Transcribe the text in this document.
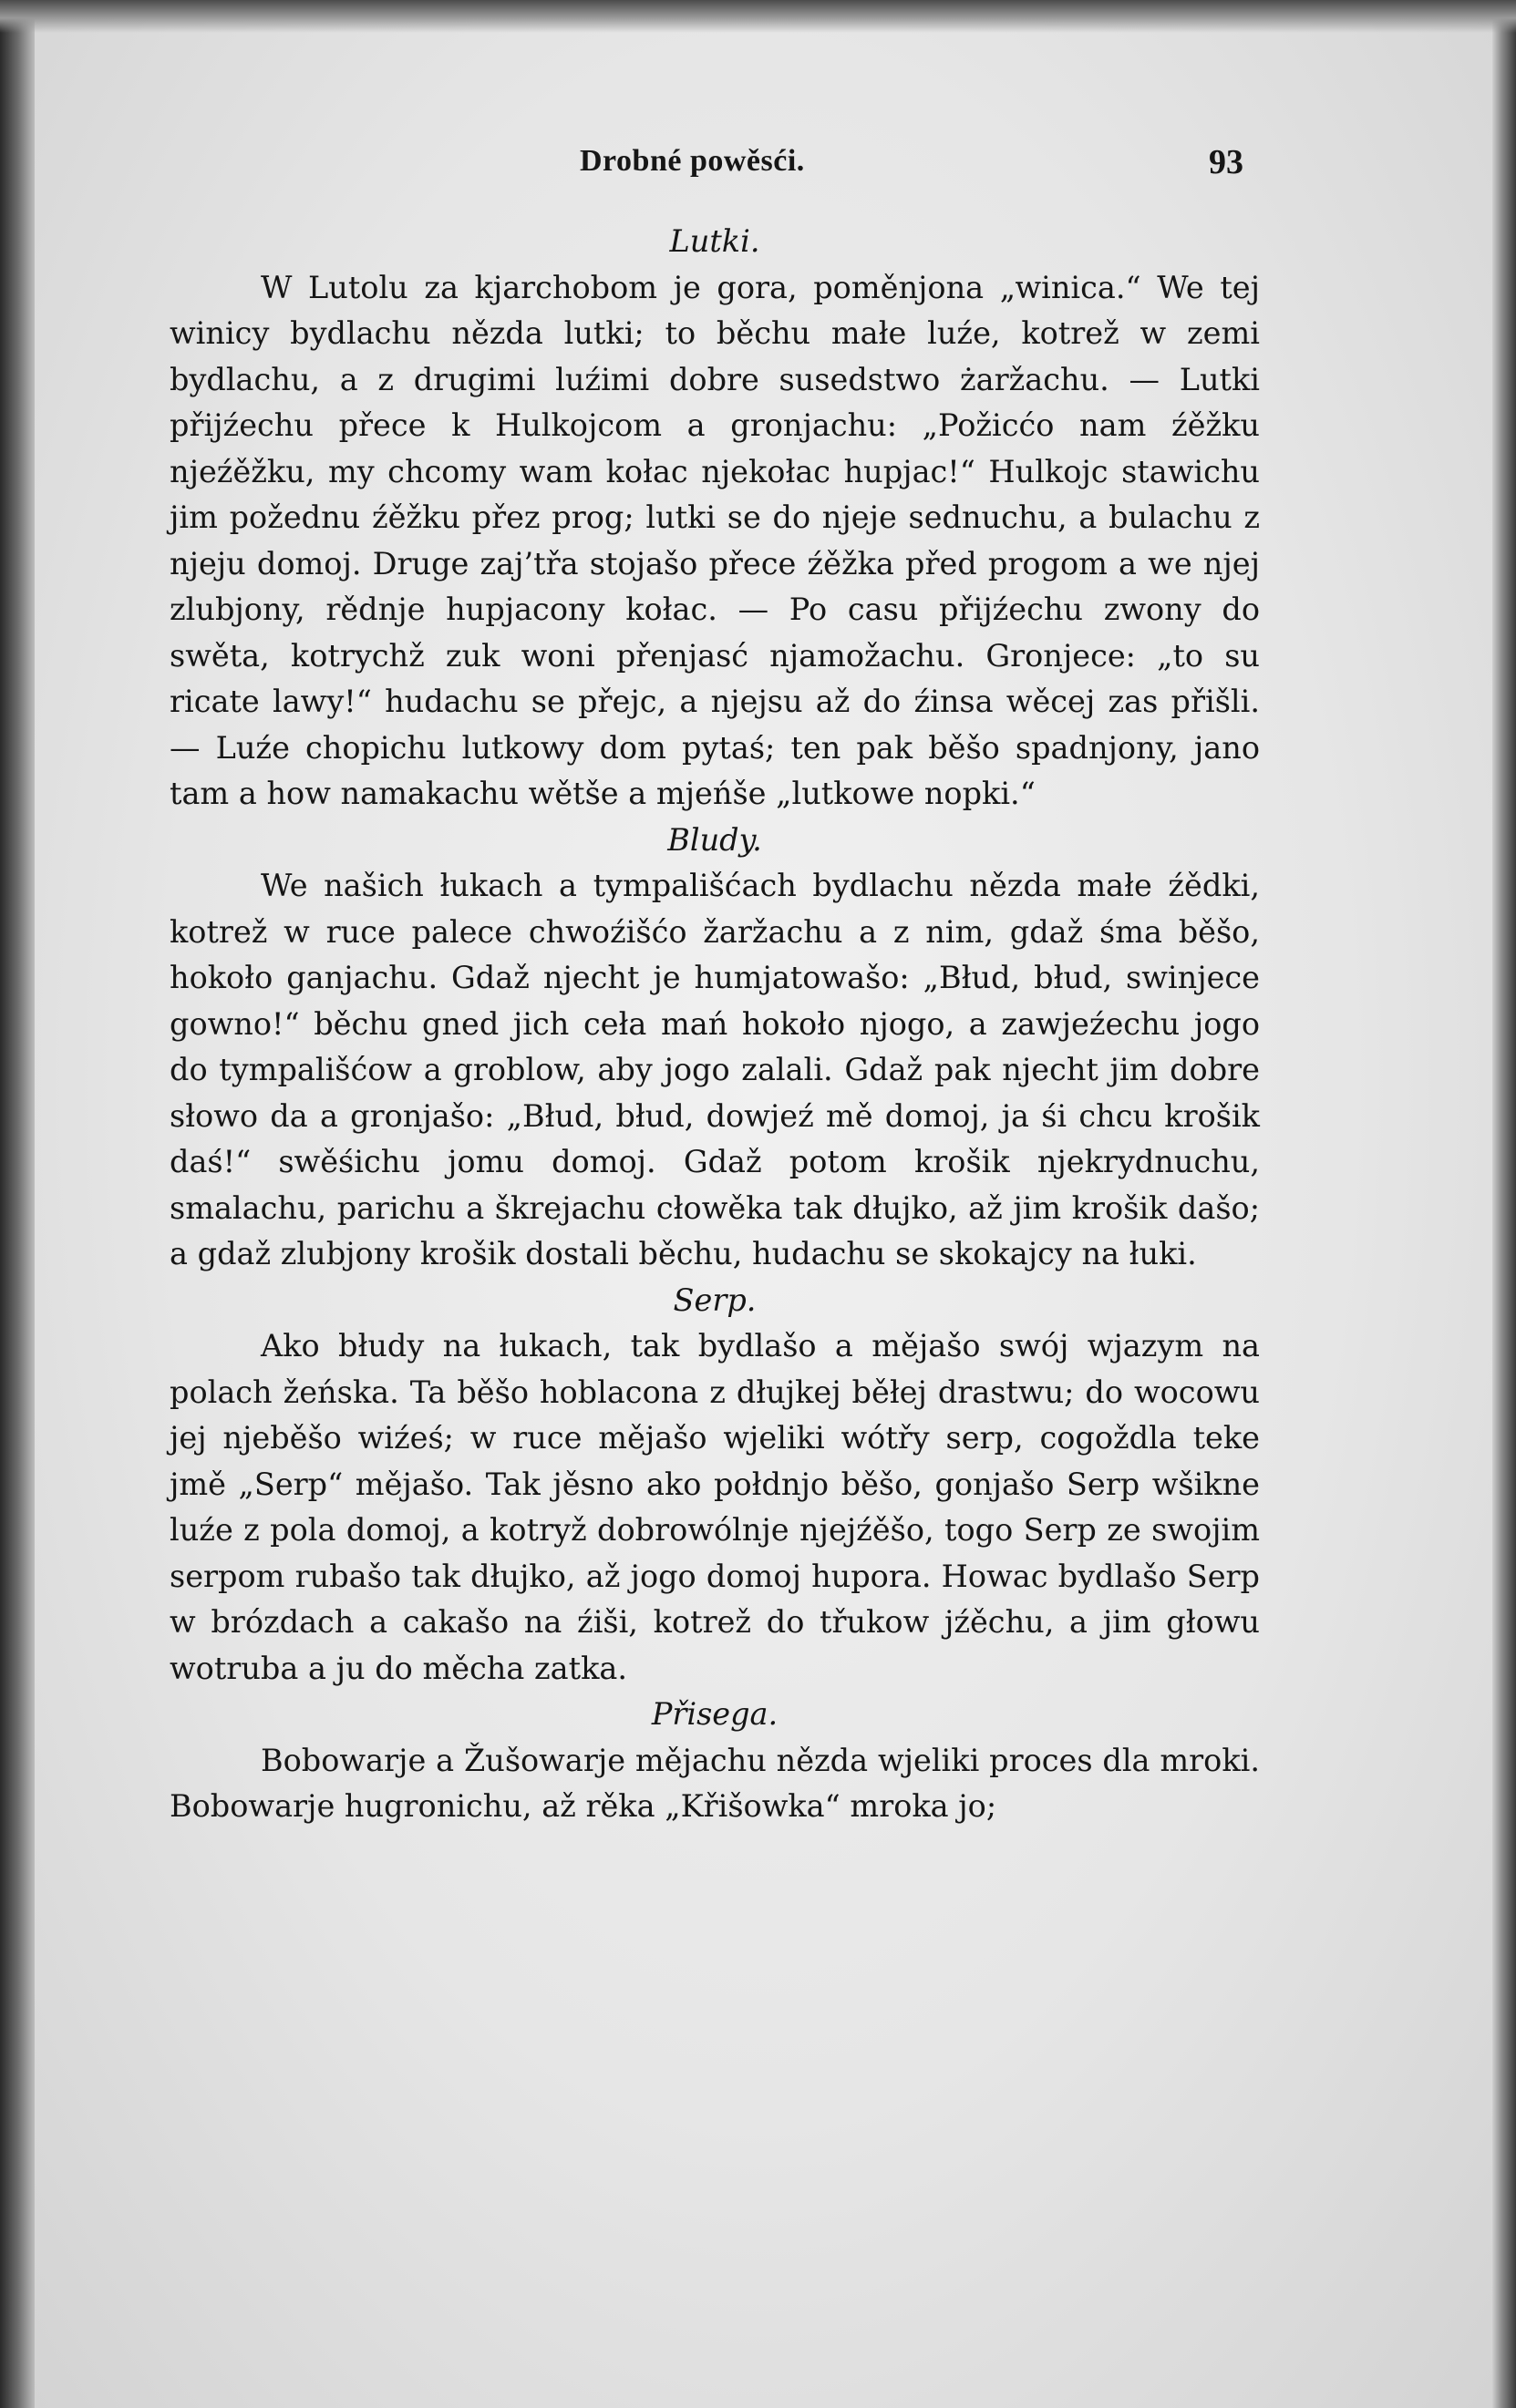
Drobné powěsći.	93

Lutki.

W Lutolu za kjarchobom je gora, poměnjona „winica.“ We tej winicy bydlachu nězda lutki; to běchu małe luźe, kotrež w zemi bydlachu, a z drugimi luźimi dobre susedstwo żaržachu. — Lutki přijźechu přece k Hulkojcom a gronjachu: „Požicćo nam źěžku njeźěžku, my chcomy wam kołac njekołac hupjac!“ Hulkojc stawichu jim požednu źěžku přez prog; lutki se do njeje sednuchu, a bulachu z njeju domoj. Druge zaj’třa stojašo přece źěžka před progom a we njej zlubjony, rědnje hupjacony kołac. — Po casu přijźechu zwony do swěta, kotrychž zuk woni přenjasć njamožachu. Gronjece: „to su ricate lawy!“ hudachu se přejc, a njejsu až do źinsa wěcej zas přišli. — Luźe chopichu lutkowy dom pytaś; ten pak běšo spadnjony, jano tam a how namakachu wětše a mjeńše „lutkowe nopki.“

Bludy.

We našich łukach a tympališćach bydlachu nězda małe źědki, kotrež w ruce palece chwoźišćo žaržachu a z nim, gdaž śma běšo, hokoło ganjachu. Gdaž njecht je humjatowašo: „Błud, błud, swinjece gowno!“ běchu gned jich cełа mań hokoło njogo, a zawjeźechu jogo do tympališćow a groblow, aby jogo zalali. Gdaž pak njecht jim dobre słowo da a gronjašo: „Błud, błud, dowjeź mě domoj, ja śi chcu krošik daś!“ swěśichu jomu domoj. Gdaž potom krošik njekrydnuchu, smalachu, parichu a škrejachu cłowěka tak dłujko, až jim krošik dašo; a gdaž zlubjony krošik dostali běchu, hudachu se skokajcy na łuki.

Serp.

Ako błudy na łukach, tak bydlašo a mějašo swój wjazym na polach žeńska. Ta běšo hoblacona z dłujkej běłej drastwu; do wocowu jej njeběšo wiźeś; w ruce mějašo wjeliki wótřy serp, cogoždla teke jmě „Serp“ mějašo. Tak jěsno ako połdnjo běšo, gonjašo Serp wšikne luźe z pola domoj, a kotryž dobrowólnje njejźěšo, togo Serp ze swojim serpom rubašo tak dłujko, až jogo domoj hupora. Howac bydlašo Serp w brózdach a cakašo na źiši, kotrež do třukow jźěchu, a jim głowu wotruba a ju do měcha zatka.

Přisega.

Bobowarje a Žušowarje mějachu nězda wjeliki proces dla mroki. Bobowarje hugronichu, až rěka „Křišowka“ mroka jo;
